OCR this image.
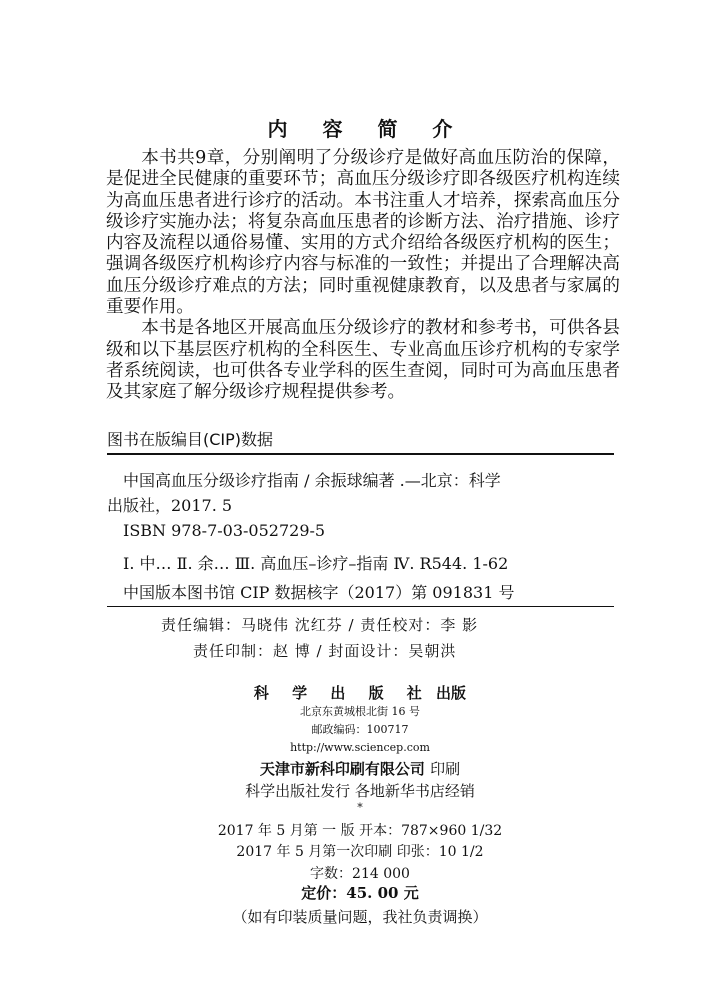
内 容 简 介

本书共9章，分别阐明了分级诊疗是做好高血压防治的保障，是促进全民健康的重要环节；高血压分级诊疗即各级医疗机构连续为高血压患者进行诊疗的活动。本书注重人才培养，探索高血压分级诊疗实施办法；将复杂高血压患者的诊断方法、治疗措施、诊疗内容及流程以通俗易懂、实用的方式介绍给各级医疗机构的医生；强调各级医疗机构诊疗内容与标准的一致性；并提出了合理解决高血压分级诊疗难点的方法；同时重视健康教育，以及患者与家属的重要作用。

本书是各地区开展高血压分级诊疗的教材和参考书，可供各县级和以下基层医疗机构的全科医生、专业高血压诊疗机构的专家学者系统阅读，也可供各专业学科的医生查阅，同时可为高血压患者及其家庭了解分级诊疗规程提供参考。

图书在版编目(CIP)数据
中国高血压分级诊疗指南 / 余振球编著 .—北京：科学
出版社，2017. 5
ISBN 978-7-03-052729-5
Ⅰ. 中… Ⅱ. 余… Ⅲ. 高血压–诊疗–指南 Ⅳ. R544. 1-62
中国版本图书馆 CIP 数据核字（2017）第 091831 号
责任编辑：马晓伟 沈红芬 / 责任校对：李 影
责任印制：赵 博 / 封面设计：吴朝洪
科 学 出 版 社 出版
北京东黄城根北街 16 号
邮政编码：100717
http://www.sciencep.com
天津市新科印刷有限公司 印刷
科学出版社发行 各地新华书店经销
*
2017 年 5 月第 一 版 开本：787×960 1/32
2017 年 5 月第一次印刷 印张：10 1/2
字数：214 000
定价：45. 00 元
（如有印装质量问题，我社负责调换）
